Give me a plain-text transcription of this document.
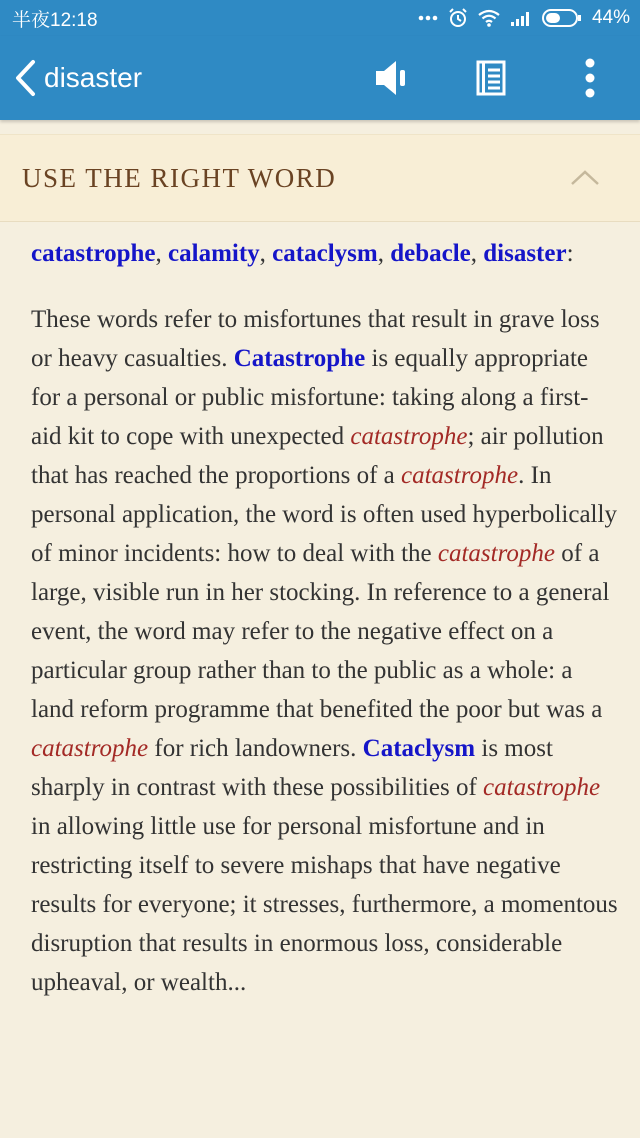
半夜12:18	44%
disaster
USE THE RIGHT WORD

catastrophe, calamity, cataclysm, debacle, disaster:

These words refer to misfortunes that result in grave loss or heavy casualties. Catastrophe is equally appropriate for a personal or public misfortune: taking along a first-aid kit to cope with unexpected catastrophe; air pollution that has reached the proportions of a catastrophe. In personal application, the word is often used hyperbolically of minor incidents: how to deal with the catastrophe of a large, visible run in her stocking. In reference to a general event, the word may refer to the negative effect on a particular group rather than to the public as a whole: a land reform programme that benefited the poor but was a catastrophe for rich landowners. Cataclysm is most sharply in contrast with these possibilities of catastrophe in allowing little use for personal misfortune and in restricting itself to severe mishaps that have negative results for everyone; it stresses, furthermore, a momentous disruption that results in enormous loss, considerable upheaval, or wealth...
